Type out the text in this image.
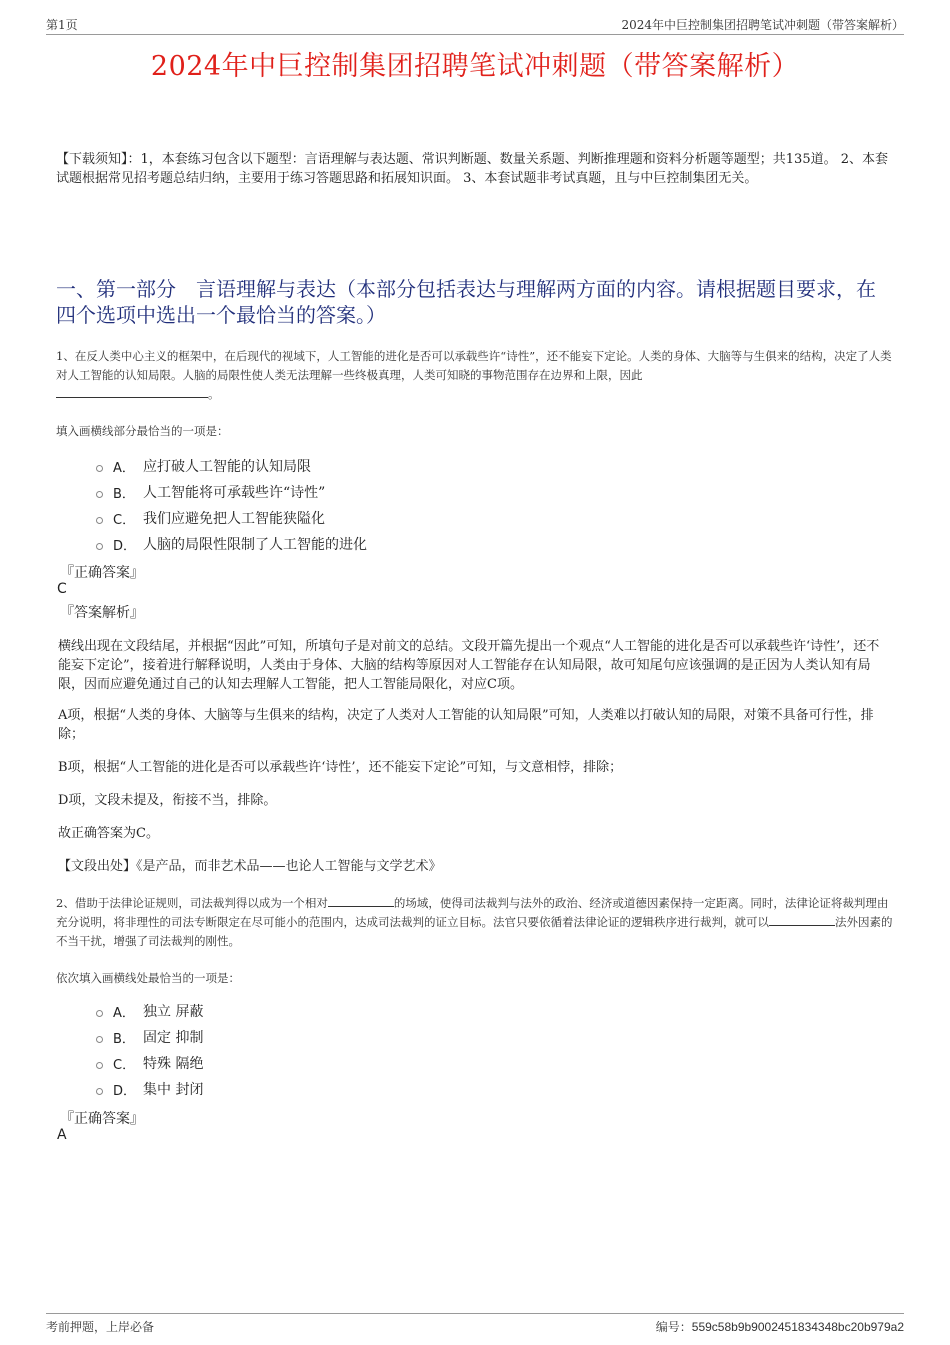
第1页	2024年中巨控制集团招聘笔试冲刺题（带答案解析）
2024年中巨控制集团招聘笔试冲刺题（带答案解析）
【下载须知】：1，本套练习包含以下题型：言语理解与表达题、常识判断题、数量关系题、判断推理题和资料分析题等题型；共135道。 2、本套试题根据常见招考题总结归纳，主要用于练习答题思路和拓展知识面。 3、本套试题非考试真题，且与中巨控制集团无关。
一、第一部分　言语理解与表达（本部分包括表达与理解两方面的内容。请根据题目要求，在四个选项中选出一个最恰当的答案。）
1、在反人类中心主义的框架中，在后现代的视域下，人工智能的进化是否可以承载些许“诗性”，还不能妄下定论。人类的身体、大脑等与生俱来的结构，决定了人类对人工智能的认知局限。人脑的局限性使人类无法理解一些终极真理，人类可知晓的事物范围存在边界和上限，因此
。
填入画横线部分最恰当的一项是：
A． 应打破人工智能的认知局限
B． 人工智能将可承载些许“诗性”
C． 我们应避免把人工智能狭隘化
D． 人脑的局限性限制了人工智能的进化
『正确答案』
C
『答案解析』
横线出现在文段结尾，并根据“因此”可知，所填句子是对前文的总结。文段开篇先提出一个观点“人工智能的进化是否可以承载些许‘诗性’，还不能妄下定论”，接着进行解释说明，人类由于身体、大脑的结构等原因对人工智能存在认知局限，故可知尾句应该强调的是正因为人类认知有局限，因而应避免通过自己的认知去理解人工智能，把人工智能局限化，对应C项。
A项，根据“人类的身体、大脑等与生俱来的结构，决定了人类对人工智能的认知局限”可知，人类难以打破认知的局限，对策不具备可行性，排除；
B项，根据“人工智能的进化是否可以承载些许‘诗性’，还不能妄下定论”可知，与文意相悖，排除；
D项，文段未提及，衔接不当，排除。
故正确答案为C。
【文段出处】《是产品，而非艺术品——也论人工智能与文学艺术》
2、借助于法律论证规则，司法裁判得以成为一个相对	的场域，使得司法裁判与法外的政治、经济或道德因素保持一定距离。同时，法律论证将裁判理由充分说明，将非理性的司法专断限定在尽可能小的范围内，达成司法裁判的证立目标。法官只要依循着法律论证的逻辑秩序进行裁判，就可以	法外因素的不当干扰，增强了司法裁判的刚性。
依次填入画横线处最恰当的一项是：
A． 独立 屏蔽
B． 固定 抑制
C． 特殊 隔绝
D． 集中 封闭
『正确答案』
A
考前押题，上岸必备	编号：559c58b9b9002451834348bc20b979a2
